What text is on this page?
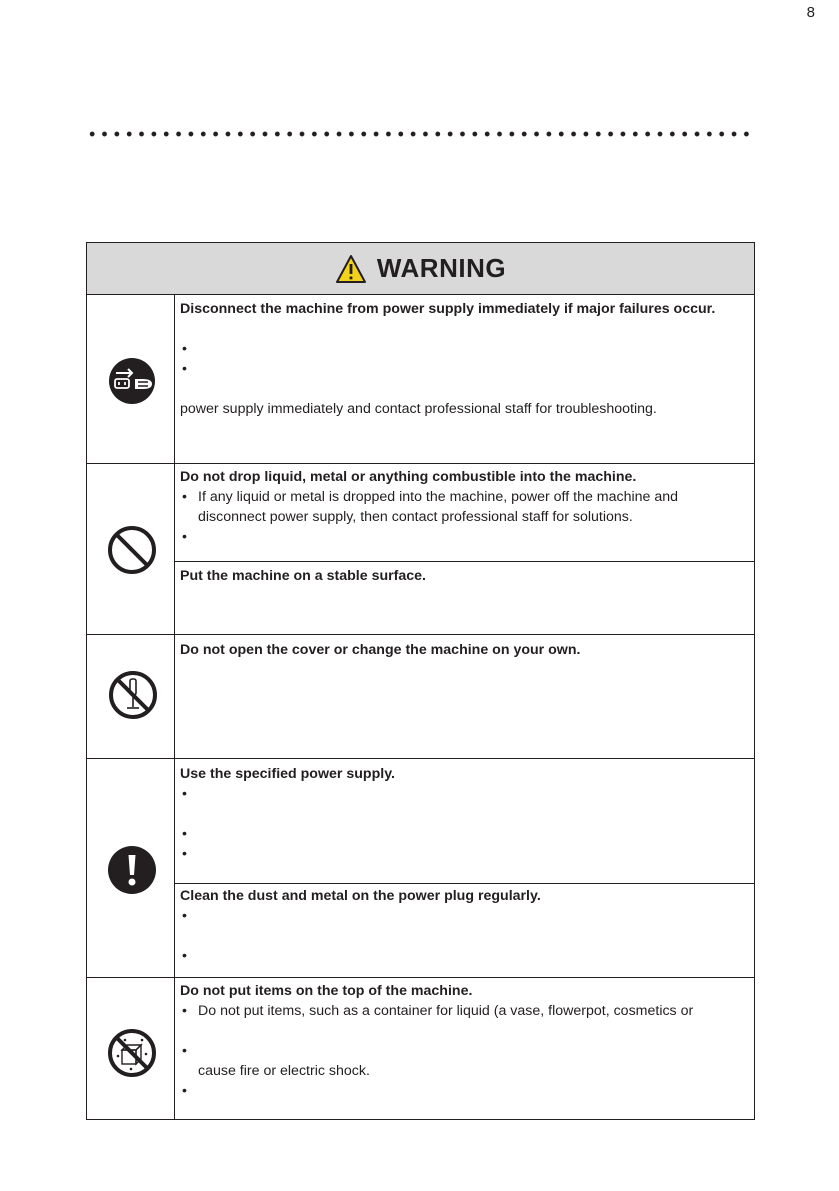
8
WARNING
Disconnect the machine from power supply immediately if major failures occur.
•
•
power supply immediately and contact professional staff for troubleshooting.
Do not drop liquid, metal or anything combustible into the machine.
• If any liquid or metal is dropped into the machine, power off the machine and disconnect power supply, then contact professional staff for solutions.
•
Put the machine on a stable surface.
Do not open the cover or change the machine on your own.
Use the specified power supply.
•
•
•
Clean the dust and metal on the power plug regularly.
•
•
Do not put items on the top of the machine.
• Do not put items, such as a container for liquid (a vase, flowerpot, cosmetics or
•
cause fire or electric shock.
•
